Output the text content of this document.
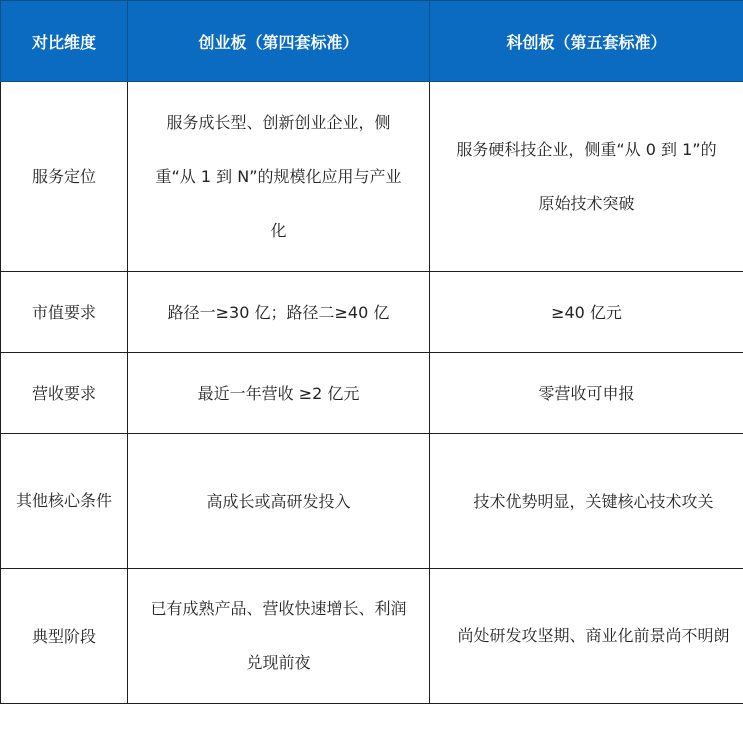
对比维度	创业板（第四套标准）	科创板（第五套标准）
服务定位	服务成长型、创新创业企业，侧重“从 1 到 N”的规模化应用与产业化	服务硬科技企业，侧重“从 0 到 1”的原始技术突破
市值要求	路径一≥30 亿；路径二≥40 亿	≥40 亿元
营收要求	最近一年营收 ≥2 亿元	零营收可申报
其他核心条件	高成长或高研发投入	技术优势明显，关键核心技术攻关
典型阶段	已有成熟产品、营收快速增长、利润兑现前夜	尚处研发攻坚期、商业化前景尚不明朗
